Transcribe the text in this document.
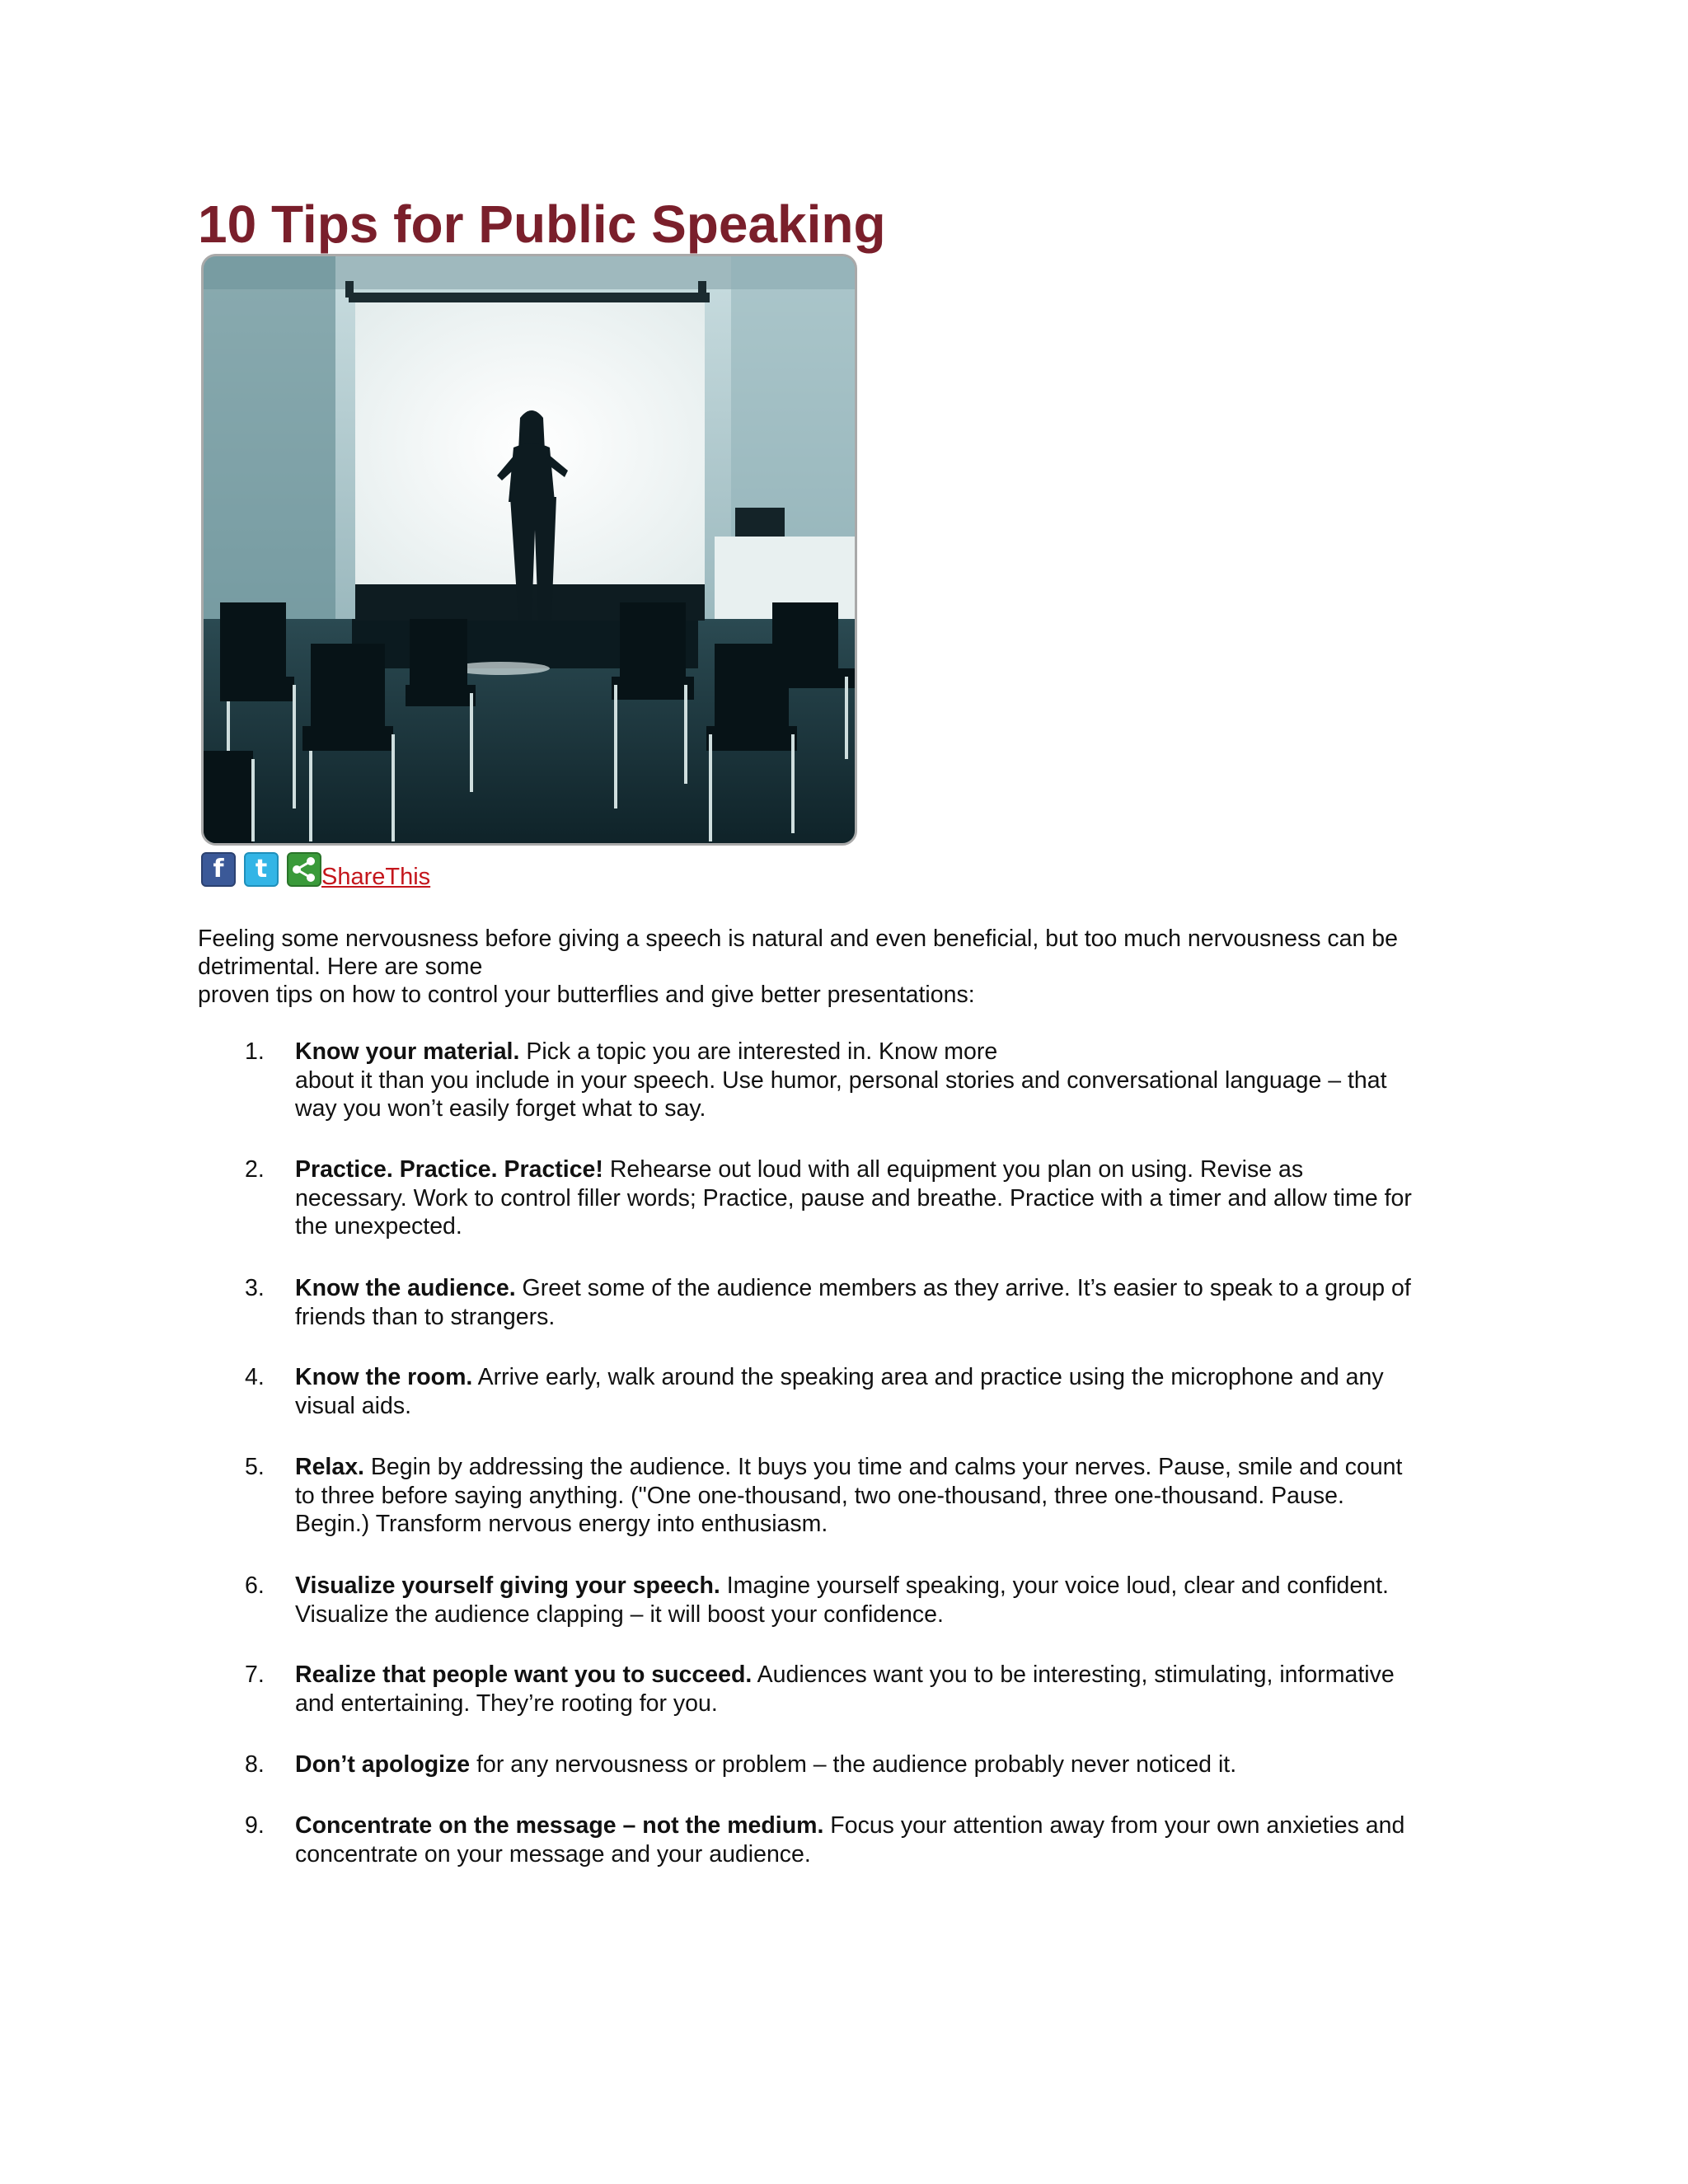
10 Tips for Public Speaking
f	t	ShareThis

Feeling some nervousness before giving a speech is natural and even beneficial, but too much nervousness can be
detrimental. Here are some
proven tips on how to control your butterflies and give better presentations:

1. Know your material. Pick a topic you are interested in. Know more
about it than you include in your speech. Use humor, personal stories and conversational language – that
way you won’t easily forget what to say.
2. Practice. Practice. Practice! Rehearse out loud with all equipment you plan on using. Revise as
necessary. Work to control filler words; Practice, pause and breathe. Practice with a timer and allow time for
the unexpected.
3. Know the audience. Greet some of the audience members as they arrive. It’s easier to speak to a group of
friends than to strangers.
4. Know the room. Arrive early, walk around the speaking area and practice using the microphone and any
visual aids.
5. Relax. Begin by addressing the audience. It buys you time and calms your nerves. Pause, smile and count
to three before saying anything. ("One one-thousand, two one-thousand, three one-thousand. Pause.
Begin.) Transform nervous energy into enthusiasm.
6. Visualize yourself giving your speech. Imagine yourself speaking, your voice loud, clear and confident.
Visualize the audience clapping – it will boost your confidence.
7. Realize that people want you to succeed. Audiences want you to be interesting, stimulating, informative
and entertaining. They’re rooting for you.
8. Don’t apologize for any nervousness or problem – the audience probably never noticed it.
9. Concentrate on the message – not the medium. Focus your attention away from your own anxieties and
concentrate on your message and your audience.
